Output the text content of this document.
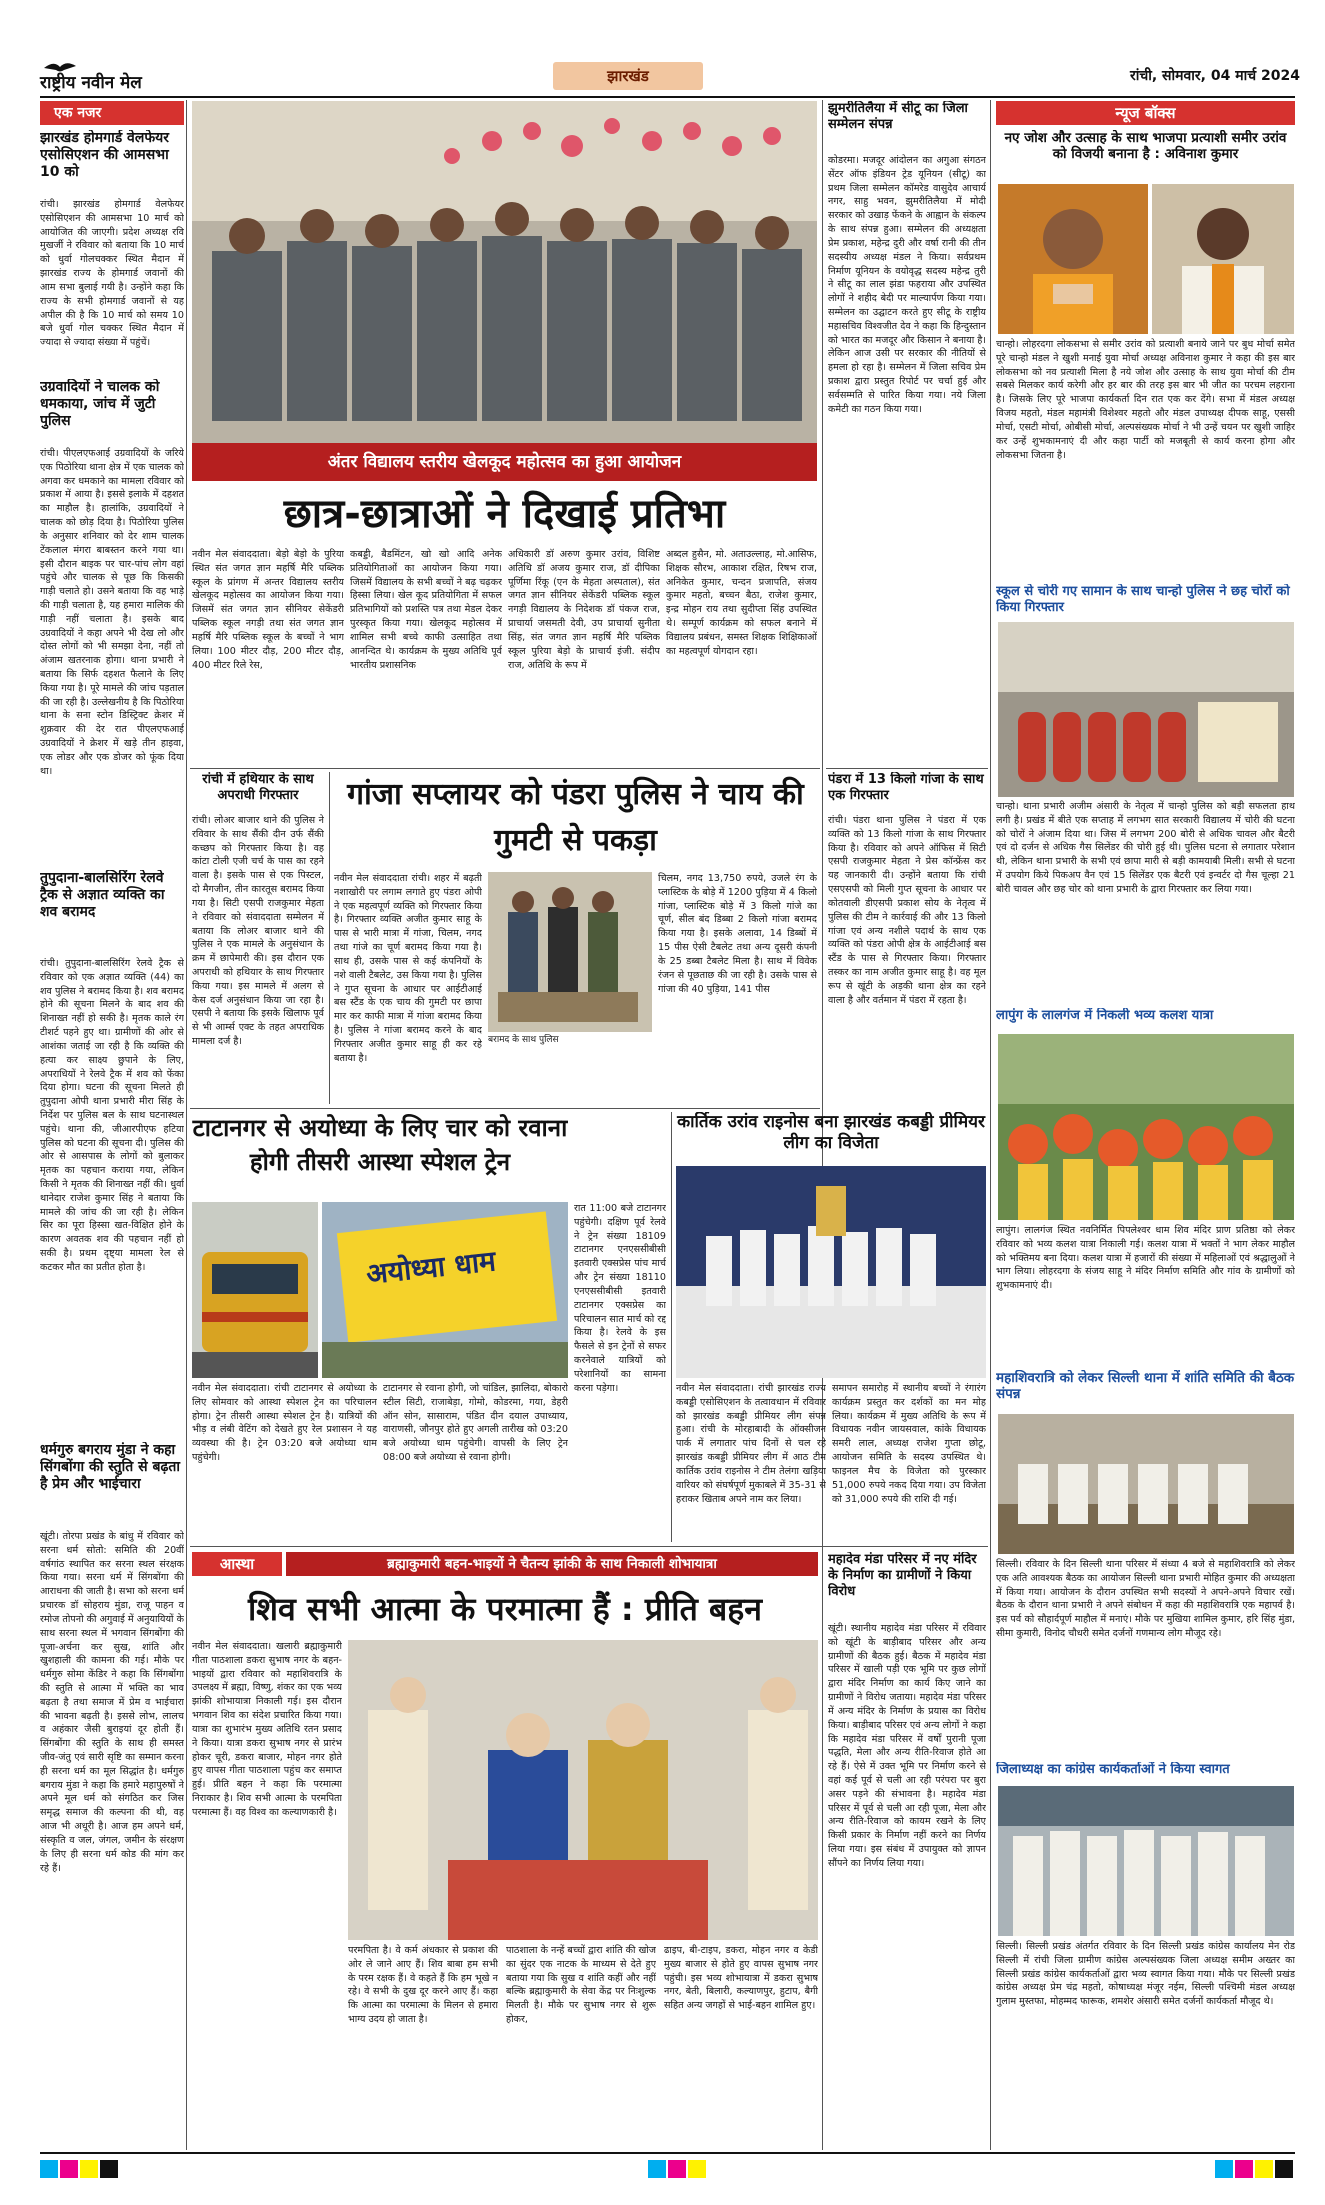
राष्ट्रीय नवीन मेल	झारखंड	रांची, सोमवार, 04 मार्च 2024
एक नजर
झारखंड होमगार्ड वेलफेयर एसोसिएशन की आमसभा 10 को
रांची। झारखंड होमगार्ड वेलफेयर एसोसिएशन की आमसभा 10 मार्च को आयोजित की जाएगी। प्रदेश अध्यक्ष रवि मुखर्जी ने रविवार को बताया कि 10 मार्च को धुर्वा गोलचक्कर स्थित मैदान में झारखंड राज्य के होमगार्ड जवानों की आम सभा बुलाई गयी है। उन्होंने कहा कि राज्य के सभी होमगार्ड जवानों से यह अपील की है कि 10 मार्च को समय 10 बजे धुर्वा गोल चक्कर स्थित मैदान में ज्यादा से ज्यादा संख्या में पहुंचें।
उग्रवादियों ने चालक को धमकाया, जांच में जुटी पुलिस
रांची। पीएलएफआई उग्रवादियों के जरिये एक पिठोरिया थाना क्षेत्र में एक चालक को अगवा कर धमकाने का मामला रविवार को प्रकाश में आया है। इससे इलाके में दहशत का माहौल है। हालांकि, उग्रवादियों ने चालक को छोड़ दिया है। पिठोरिया पुलिस के अनुसार शनिवार को देर शाम चालक टेंकलाल मंगरा बाबस्तन करने गया था। इसी दौरान बाइक पर चार-पांच लोग वहां पहुंचे और चालक से पूछ कि किसकी गाड़ी चलाते हो। उसने बताया कि वह भाड़े की गाड़ी चलाता है, यह हमारा मालिक की गाड़ी नहीं चलाता है। इसके बाद उग्रवादियों ने कहा अपने भी देख लो और दोस्त लोगों को भी समझा देना, नहीं तो अंजाम खतरनाक होगा। थाना प्रभारी ने बताया कि सिर्फ दहशत फैलाने के लिए किया गया है। पूरे मामले की जांच पड़ताल की जा रही है। उल्लेखनीय है कि पिठोरिया थाना के सना स्टोन डिस्ट्रिक्ट क्रेशर में शुक्रवार की देर रात पीएलएफआई उग्रवादियों ने क्रेशर में खड़े तीन हाइवा, एक लोडर और एक डोजर को फूंक दिया था।
तुपुदाना-बालसिरिंग रेलवे ट्रैक से अज्ञात व्यक्ति का शव बरामद
रांची। तुपुदाना-बालसिरिंग रेलवे ट्रैक से रविवार को एक अज्ञात व्यक्ति (44) का शव पुलिस ने बरामद किया है। शव बरामद होने की सूचना मिलने के बाद शव की शिनाख्त नहीं हो सकी है। मृतक काले रंग टीशर्ट पहने हुए था। ग्रामीणों की ओर से आशंका जताई जा रही है कि व्यक्ति की हत्या कर साक्ष्य छुपाने के लिए, अपराधियों ने रेलवे ट्रैक में शव को फेंका दिया होगा। घटना की सूचना मिलते ही तुपुदाना ओपी थाना प्रभारी मीरा सिंह के निर्देश पर पुलिस बल के साथ घटनास्थल पहुंचे। थाना की, जीआरपीएफ हटिया पुलिस को घटना की सूचना दी। पुलिस की ओर से आसपास के लोगों को बुलाकर मृतक का पहचान कराया गया, लेकिन किसी ने मृतक की शिनाख्त नहीं की। धुर्वा थानेदार राजेश कुमार सिंह ने बताया कि मामले की जांच की जा रही है। लेकिन सिर का पूरा हिस्सा खत-विक्षित होने के कारण अवतक शव की पहचान नहीं हो सकी है। प्रथम दृष्ट्या मामला रेल से कटकर मौत का प्रतीत होता है।
धर्मगुरु बगराय मुंडा ने कहा सिंगबोंगा की स्तुति से बढ़ता है प्रेम और भाईचारा
खूंटी। तोरपा प्रखंड के बांधु में रविवार को सरना धर्म सोतो: समिति की 20वीं वर्षगांठ स्थापित कर सरना स्थल संरक्षक किया गया। सरना धर्म में सिंगबोंगा की आराधना की जाती है। सभा को सरना धर्म प्रचारक डॉ सोहराय मुंडा, राजू पाहन व रमोज तोपनो की अगुवाई में अनुयायियों के साथ सरना स्थल में भगवान सिंगबोंगा की पूजा-अर्चना कर सुख, शांति और खुशहाली की कामना की गई। मौके पर धर्मगुरु सोमा केंडिर ने कहा कि सिंगबोंगा की स्तुति से आत्मा में भक्ति का भाव बढ़ता है तथा समाज में प्रेम व भाईचारा की भावना बढ़ती है। इससे लोभ, लालच व अहंकार जैसी बुराइयां दूर होती हैं। सिंगबोंगा की स्तुति के साथ ही समस्त जीव-जंतु एवं सारी सृष्टि का सम्मान करना ही सरना धर्म का मूल सिद्धांत है। धर्मगुरु बगराय मुंडा ने कहा कि हमारे महापुरुषों ने अपने मूल धर्म को संगठित कर जिस समृद्ध समाज की कल्पना की थी, वह आज भी अधूरी है। आज हम अपने धर्म, संस्कृति व जल, जंगल, जमीन के संरक्षण के लिए ही सरना धर्म कोड की मांग कर रहे हैं।
अंतर विद्यालय स्तरीय खेलकूद महोत्सव का हुआ आयोजन
छात्र-छात्राओं ने दिखाई प्रतिभा
नवीन मेल संवाददाता। बेड़ो बेड़ो के पुरिया स्थित संत जगत ज्ञान महर्षि मैरि पब्लिक स्कूल के प्रांगण में अन्तर विद्यालय स्तरीय खेलकूद महोत्सव का आयोजन किया गया। जिसमें संत जगत ज्ञान सीनियर सेकेंडरी पब्लिक स्कूल नगड़ी तथा संत जगत ज्ञान महर्षि मैरि पब्लिक स्कूल के बच्चों ने भाग लिया। 100 मीटर दौड़, 200 मीटर दौड़, 400 मीटर रिले रेस,
कबड्डी, बैडमिंटन, खो खो आदि अनेक प्रतियोगिताओं का आयोजन किया गया। जिसमें विद्यालय के सभी बच्चों ने बढ़ चढ़कर हिस्सा लिया। खेल कूद प्रतियोगिता में सफल प्रतिभागियों को प्रशस्ति पत्र तथा मेडल देकर पुरस्कृत किया गया। खेलकूद महोत्सव में शामिल सभी बच्चे काफी उत्साहित तथा आनन्दित थे। कार्यक्रम के मुख्य अतिथि पूर्व भारतीय प्रशासनिक
अधिकारी डॉ अरुण कुमार उरांव, विशिष्ट अतिथि डॉ अजय कुमार राज, डॉ दीपिका पूर्णिमा रिंकू (एन के मेहता अस्पताल), संत जगत ज्ञान सीनियर सेकेंडरी पब्लिक स्कूल नगड़ी विद्यालय के निदेशक डॉ पंकज राज, प्राचार्या जसमती देवी, उप प्राचार्या सुनीता सिंह, संत जगत ज्ञान महर्षि मैरि पब्लिक स्कूल पुरिया बेड़ो के प्राचार्य इंजी. संदीप राज, अतिथि के रूप में
अब्दल हुसैन, मो. अताउल्लाह, मो.आसिफ, शिक्षक सौरभ, आकाश रक्षित, रिषभ राज, अनिकेत कुमार, चन्दन प्रजापति, संजय कुमार महतो, बच्चन बैठा, राजेश कुमार, इन्द्र मोहन राय तथा सुदीप्ता सिंह उपस्थित थे। सम्पूर्ण कार्यक्रम को सफल बनाने में विद्यालय प्रबंधन, समस्त शिक्षक शिक्षिकाओं का महत्वपूर्ण योगदान रहा।
रांची में हथियार के साथ अपराधी गिरफ्तार
रांची। लोअर बाजार थाने की पुलिस ने रविवार के साथ सैंकी दीन उर्फ सैंकी कच्छप को गिरफ्तार किया है। वह कांटा टोली एजी चर्च के पास का रहने वाला है। इसके पास से एक पिस्टल, दो मैगजीन, तीन कारतूस बरामद किया गया है। सिटी एसपी राजकुमार मेहता ने रविवार को संवाददाता सम्मेलन में बताया कि लोअर बाजार थाने की पुलिस ने एक मामले के अनुसंधान के क्रम में छापेमारी की। इस दौरान एक अपराधी को हथियार के साथ गिरफ्तार किया गया। इस मामले में अलग से केस दर्ज अनुसंधान किया जा रहा है। एसपी ने बताया कि इसके खिलाफ पूर्व से भी आर्म्स एक्ट के तहत अपराधिक मामला दर्ज है।
गांजा सप्लायर को पंडरा पुलिस ने चाय की गुमटी से पकड़ा
नवीन मेल संवाददाता रांची। शहर में बढ़ती नशाखोरी पर लगाम लगाते हुए पंडरा ओपी ने एक महत्वपूर्ण व्यक्ति को गिरफ्तार किया है। गिरफ्तार व्यक्ति अजीत कुमार साहू के पास से भारी मात्रा में गांजा, चिलम, नगद तथा गांजे का चूर्ण बरामद किया गया है। साथ ही, उसके पास से कई कंपनियों के नशे वाली टैबलेट, उस किया गया है। पुलिस ने गुप्त सूचना के आधार पर आईटीआई बस स्टैंड के एक चाय की गुमटी पर छापा मार कर काफी मात्रा में गांजा बरामद किया है। पुलिस ने गांजा बरामद करने के बाद गिरफ्तार अजीत कुमार साहू ही कर रहे बताया है।
बरामद के साथ पुलिस
चिलम, नगद 13,750 रुपये, उजले रंग के प्लास्टिक के बोड़े में 1200 पुड़िया में 4 किलो गांजा, प्लास्टिक बोड़े में 3 किलो गांजे का चूर्ण, सील बंद डिब्बा 2 किलो गांजा बरामद किया गया है। इसके अलावा, 14 डिब्बों में 15 पीस ऐसी टैबलेट तथा अन्य दूसरी कंपनी के 25 डब्बा टैबलेट मिला है। साथ में विवेक रंजन से पूछताछ की जा रही है। उसके पास से गांजा की 40 पुड़िया, 141 पीस
टाटानगर से अयोध्या के लिए चार को रवाना होगी तीसरी आस्था स्पेशल ट्रेन
अयोध्या धाम
नवीन मेल संवाददाता। रांची टाटानगर से अयोध्या के लिए सोमवार को आस्था स्पेशल ट्रेन का परिचालन होगा। ट्रेन तीसरी आस्था स्पेशल ट्रेन है। यात्रियों की भीड़ व लंबी वेटिंग को देखते हुए रेल प्रशासन ने यह व्यवस्था की है। ट्रेन 03:20 बजे अयोध्या धाम पहुंचेगी।
टाटानगर से रवाना होगी, जो चांडिल, झालिदा, बोकारो स्टील सिटी, राजाबेड़ा, गोमो, कोडरमा, गया, डेहरी ऑन सोन, सासाराम, पंडित दीन दयाल उपाध्याय, वाराणसी, जौनपुर होते हुए अगली तारीख को 03:20 बजे अयोध्या धाम पहुंचेगी। वापसी के लिए ट्रेन 08:00 बजे अयोध्या से रवाना होगी।
रात 11:00 बजे टाटानगर पहुंचेगी। दक्षिण पूर्व रेलवे ने ट्रेन संख्या 18109 टाटानगर एनएससीबीसी इतवारी एक्सप्रेस पांच मार्च और ट्रेन संख्या 18110 एनएससीबीसी इतवारी टाटानगर एक्सप्रेस का परिचालन सात मार्च को रद्द किया है। रेलवे के इस फैसले से इन ट्रेनों से सफर करनेवाले यात्रियों को परेशानियों का सामना करना पड़ेगा।
झुमरीतिलैया में सीटू का जिला सम्मेलन संपन्न
कोडरमा। मजदूर आंदोलन का अगुआ संगठन सेंटर ऑफ इंडियन ट्रेड यूनियन (सीटू) का प्रथम जिला सम्मेलन कॉमरेड वासुदेव आचार्य नगर, साहु भवन, झुमरीतिलैया में मोदी सरकार को उखाड़ फेंकने के आह्वान के संकल्प के साथ संपन्न हुआ। सम्मेलन की अध्यक्षता प्रेम प्रकाश, महेन्द्र दुरी और वर्षा रानी की तीन सदस्यीय अध्यक्ष मंडल ने किया। सर्वप्रथम निर्माण यूनियन के वयोवृद्ध सदस्य महेन्द्र तुरी ने सीटू का लाल झंडा फहराया और उपस्थित लोगों ने शहीद बेदी पर माल्यार्पण किया गया। सम्मेलन का उद्घाटन करते हुए सीटू के राष्ट्रीय महासचिव विश्वजीत देव ने कहा कि हिन्दुस्तान को भारत का मजदूर और किसान ने बनाया है। लेकिन आज उसी पर सरकार की नीतियों से हमला हो रहा है। सम्मेलन में जिला सचिव प्रेम प्रकाश द्वारा प्रस्तुत रिपोर्ट पर चर्चा हुई और सर्वसम्मति से पारित किया गया। नये जिला कमेटी का गठन किया गया।
पंडरा में 13 किलो गांजा के साथ एक गिरफ्तार
रांची। पंडरा थाना पुलिस ने पंडरा में एक व्यक्ति को 13 किलो गांजा के साथ गिरफ्तार किया है। रविवार को अपने ऑफिस में सिटी एसपी राजकुमार मेहता ने प्रेस कॉन्फ्रेंस कर यह जानकारी दी। उन्होंने बताया कि रांची एसएसपी को मिली गुप्त सूचना के आधार पर कोतवाली डीएसपी प्रकाश सोय के नेतृत्व में पुलिस की टीम ने कार्रवाई की और 13 किलो गांजा एवं अन्य नशीले पदार्थ के साथ एक व्यक्ति को पंडरा ओपी क्षेत्र के आईटीआई बस स्टैंड के पास से गिरफ्तार किया। गिरफ्तार तस्कर का नाम अजीत कुमार साहू है। वह मूल रूप से खूंटी के अड़की थाना क्षेत्र का रहने वाला है और वर्तमान में पंडरा में रहता है।
कार्तिक उरांव राइनोस बना झारखंड कबड्डी प्रीमियर लीग का विजेता
नवीन मेल संवाददाता। रांची झारखंड राज्य कबड्डी एसोसिएशन के तत्वावधान में रविवार को झारखंड कबड्डी प्रीमियर लीग संपन्न हुआ। रांची के मोरहाबादी के ऑक्सीजन पार्क में लगातार पांच दिनों से चल रहे झारखंड कबड्डी प्रीमियर लीग में आठ टीम कार्तिक उरांव राइनोस ने टीम तेलंगा खड़िया वारियर को संघर्षपूर्ण मुकाबले में 35-31 से हराकर खिताब अपने नाम कर लिया।
समापन समारोह में स्थानीय बच्चों ने रंगारंग कार्यक्रम प्रस्तुत कर दर्शकों का मन मोह लिया। कार्यक्रम में मुख्य अतिथि के रूप में विधायक नवीन जायसवाल, कांके विधायक समरी लाल, अध्यक्ष राजेश गुप्ता छोटू, आयोजन समिति के सदस्य उपस्थित थे। फाइनल मैच के विजेता को पुरस्कार 51,000 रुपये नकद दिया गया। उप विजेता को 31,000 रुपये की राशि दी गई।
आस्था	ब्रह्माकुमारी बहन-भाइयों ने चैतन्य झांकी के साथ निकाली शोभायात्रा
शिव सभी आत्मा के परमात्मा हैं : प्रीति बहन
नवीन मेल संवाददाता। खलारी ब्रह्माकुमारी गीता पाठशाला डकरा सुभाष नगर के बहन-भाइयों द्वारा रविवार को महाशिवरात्रि के उपलक्ष्य में ब्रह्मा, विष्णु, शंकर का एक भव्य झांकी शोभायात्रा निकाली गई। इस दौरान भगवान शिव का संदेश प्रचारित किया गया। यात्रा का शुभारंभ मुख्य अतिथि रतन प्रसाद ने किया। यात्रा डकरा सुभाष नगर से प्रारंभ होकर चूरी, डकरा बाजार, मोहन नगर होते हुए वापस गीता पाठशाला पहुंच कर समाप्त हुई। प्रीति बहन ने कहा कि परमात्मा निराकार है। शिव सभी आत्मा के परमपिता परमात्मा हैं। वह विश्व का कल्याणकारी है।
परमपिता है। वे कर्म अंधकार से प्रकाश की ओर ले जाने आए हैं। शिव बाबा हम सभी के परम रक्षक हैं। वे कहते हैं कि हम भूखे न रहे। वे सभी के दुख दूर करने आए हैं। कहा कि आत्मा का परमात्मा के मिलन से हमारा भाग्य उदय हो जाता है।
पाठशाला के नन्हें बच्चों द्वारा शांति की खोज का सुंदर एक नाटक के माध्यम से देते हुए बताया गया कि सुख व शांति कहीं और नहीं बल्कि ब्रह्माकुमारी के सेवा केंद्र पर निःशुल्क मिलती है। मौके पर सुभाष नगर से शुरू होकर,
ढाइप, बी-टाइप, डकरा, मोहन नगर व केडी मुख्य बाजार से होते हुए वापस सुभाष नगर पहुंची। इस भव्य शोभायात्रा में डकरा सुभाष नगर, बेती, बिलारी, कल्याणपुर, हुटाप, बैगी सहित अन्य जगहों से भाई-बहन शामिल हुए।
महादेव मंडा परिसर में नए मंदिर के निर्माण का ग्रामीणों ने किया विरोध
खूंटी। स्थानीय महादेव मंडा परिसर में रविवार को खूंटी के बाड़ीबाद परिसर और अन्य ग्रामीणों की बैठक हुई। बैठक में महादेव मंडा परिसर में खाली पड़ी एक भूमि पर कुछ लोगों द्वारा मंदिर निर्माण का कार्य किए जाने का ग्रामीणों ने विरोध जताया। महादेव मंडा परिसर में अन्य मंदिर के निर्माण के प्रयास का विरोध किया। बाड़ीबाद परिसर एवं अन्य लोगों ने कहा कि महादेव मंडा परिसर में वर्षों पुरानी पूजा पद्धति, मेला और अन्य रीति-रिवाज होते आ रहे हैं। ऐसे में उक्त भूमि पर निर्माण करने से वहां कई पूर्व से चली आ रही परंपरा पर बुरा असर पड़ने की संभावना है। महादेव मंडा परिसर में पूर्व से चली आ रही पूजा, मेला और अन्य रीति-रिवाज को कायम रखने के लिए किसी प्रकार के निर्माण नहीं करने का निर्णय लिया गया। इस संबंध में उपायुक्त को ज्ञापन सौंपने का निर्णय लिया गया।
न्यूज बॉक्स
नए जोश और उत्साह के साथ भाजपा प्रत्याशी समीर उरांव को विजयी बनाना है : अविनाश कुमार
चान्हो। लोहरदगा लोकसभा से समीर उरांव को प्रत्याशी बनाये जाने पर बुध मोर्चा समेत पूरे चान्हो मंडल ने खुशी मनाई युवा मोर्चा अध्यक्ष अविनाश कुमार ने कहा की इस बार लोकसभा को नव प्रत्याशी मिला है नये जोश और उत्साह के साथ युवा मोर्चा की टीम सबसे मिलकर कार्य करेगी और हर बार की तरह इस बार भी जीत का परचम लहराना है। जिसके लिए पूरे भाजपा कार्यकर्ता दिन रात एक कर देंगे। सभा में मंडल अध्यक्ष विजय महतो, मंडल महामंत्री विशेश्वर महतो और मंडल उपाध्यक्ष दीपक साहू, एससी मोर्चा, एसटी मोर्चा, ओबीसी मोर्चा, अल्पसंख्यक मोर्चा ने भी उन्हें चयन पर खुशी जाहिर कर उन्हें शुभकामनाएं दी और कहा पार्टी को मजबूती से कार्य करना होगा और लोकसभा जितना है।
स्कूल से चोरी गए सामान के साथ चान्हो पुलिस ने छह चोरों को किया गिरफ्तार
चान्हो। थाना प्रभारी अजीम अंसारी के नेतृत्व में चान्हो पुलिस को बड़ी सफलता हाथ लगी है। प्रखंड में बीते एक सप्ताह में लगभग सात सरकारी विद्यालय में चोरी की घटना को चोरों ने अंजाम दिया था। जिस में लगभग 200 बोरी से अधिक चावल और बैटरी एवं दो दर्जन से अधिक गैस सिलेंडर की चोरी हुई थी। पुलिस घटना से लगातार परेशान थी, लेकिन थाना प्रभारी के सभी एवं छापा मारी से बड़ी कामयाबी मिली। सभी से घटना में उपयोग किये पिकअप वैन एवं 15 सिलेंडर एक बैटरी एवं इन्वर्टर दो गैस चूल्हा 21 बोरी चावल और छह चोर को थाना प्रभारी के द्वारा गिरफ्तार कर लिया गया।
लापुंग के लालगंज में निकली भव्य कलश यात्रा
लापुंग। लालगंज स्थित नवनिर्मित पिपलेश्वर धाम शिव मंदिर प्राण प्रतिष्ठा को लेकर रविवार को भव्य कलश यात्रा निकाली गई। कलश यात्रा में भक्तों ने भाग लेकर माहौल को भक्तिमय बना दिया। कलश यात्रा में हजारों की संख्या में महिलाओं एवं श्रद्धालुओं ने भाग लिया। लोहरदगा के संजय साहू ने मंदिर निर्माण समिति और गांव के ग्रामीणों को शुभकामनाएं दी।
महाशिवरात्रि को लेकर सिल्ली थाना में शांति समिति की बैठक संपन्न
सिल्ली। रविवार के दिन सिल्ली थाना परिसर में संध्या 4 बजे से महाशिवरात्रि को लेकर एक अति आवश्यक बैठक का आयोजन सिल्ली थाना प्रभारी मोहित कुमार की अध्यक्षता में किया गया। आयोजन के दौरान उपस्थित सभी सदस्यों ने अपने-अपने विचार रखें। बैठक के दौरान थाना प्रभारी ने अपने संबोधन में कहा की महाशिवरात्रि एक महापर्व है। इस पर्व को सौहार्दपूर्ण माहौल में मनाएं। मौके पर मुखिया शामिल कुमार, हरि सिंह मुंडा, सीमा कुमारी, विनोद चौधरी समेत दर्जनों गणमान्य लोग मौजूद रहे।
जिलाध्यक्ष का कांग्रेस कार्यकर्ताओं ने किया स्वागत
सिल्ली। सिल्ली प्रखंड अंतर्गत रविवार के दिन सिल्ली प्रखंड कांग्रेस कार्यालय मेन रोड सिल्ली में रांची जिला ग्रामीण कांग्रेस अल्पसंख्यक जिला अध्यक्ष समीम अख्तर का सिल्ली प्रखंड कांग्रेस कार्यकर्ताओं द्वारा भव्य स्वागत किया गया। मौके पर सिल्ली प्रखंड कांग्रेस अध्यक्ष प्रेम चंद्र महतो, कोषाध्यक्ष मंजूर नईम, सिल्ली पश्चिमी मंडल अध्यक्ष गुलाम मुस्तफा, मोहम्मद फारूक, शमशेर अंसारी समेत दर्जनों कार्यकर्ता मौजूद थे।
